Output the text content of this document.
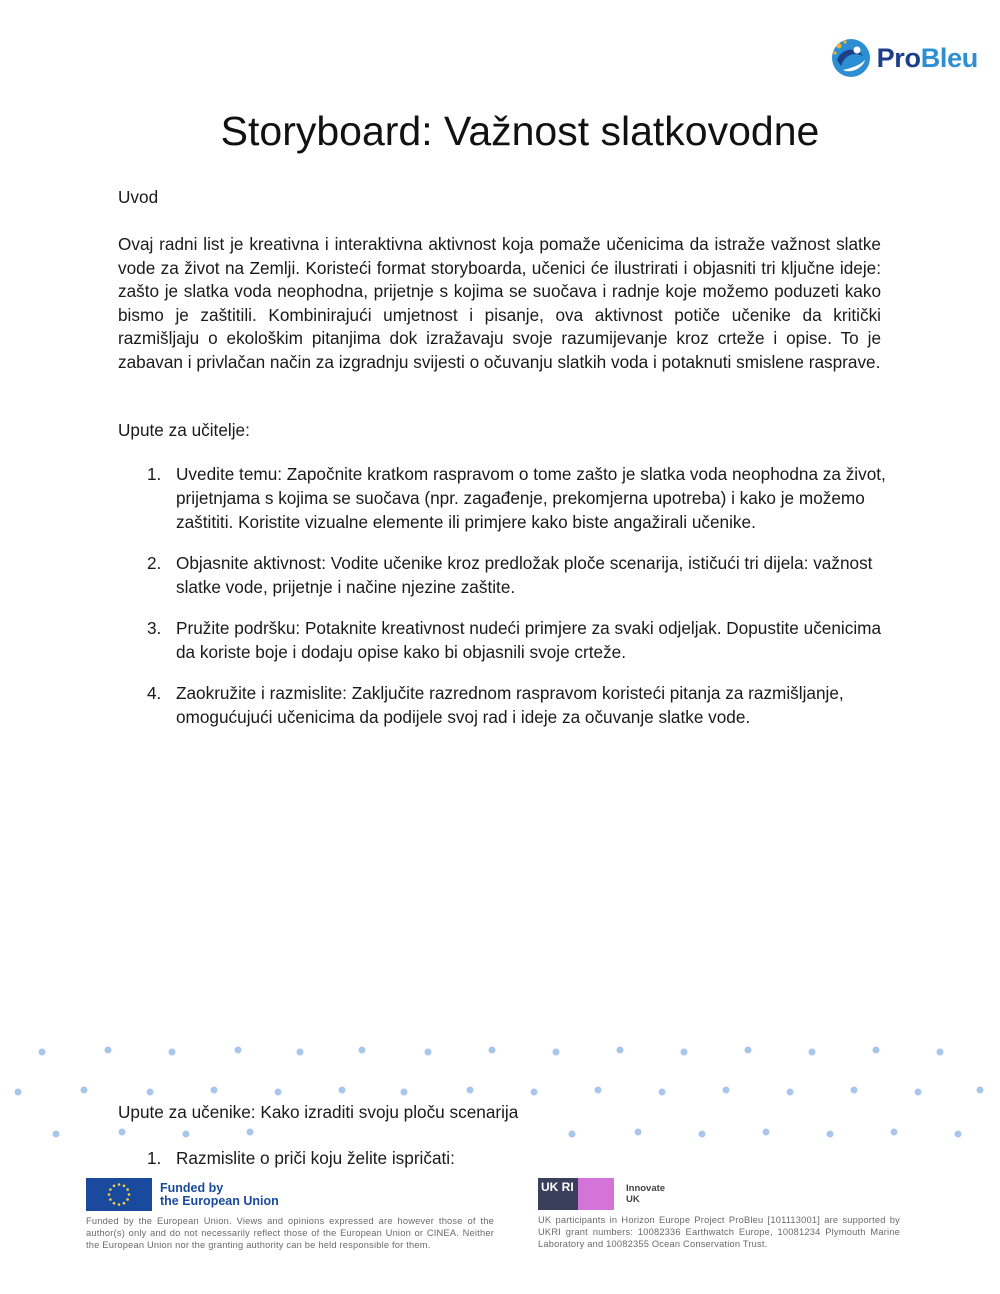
ProBleu
Storyboard: Važnost slatkovodne

Uvod

Ovaj radni list je kreativna i interaktivna aktivnost koja pomaže učenicima da istraže važnost slatke vode za život na Zemlji. Koristeći format storyboarda, učenici će ilustrirati i objasniti tri ključne ideje: zašto je slatka voda neophodna, prijetnje s kojima se suočava i radnje koje možemo poduzeti kako bismo je zaštitili. Kombinirajući umjetnost i pisanje, ova aktivnost potiče učenike da kritički razmišljaju o ekološkim pitanjima dok izražavaju svoje razumijevanje kroz crteže i opise. To je zabavan i privlačan način za izgradnju svijesti o očuvanju slatkih voda i potaknuti smislene rasprave.

Upute za učitelje:

1. Uvedite temu: Započnite kratkom raspravom o tome zašto je slatka voda neophodna za život, prijetnjama s kojima se suočava (npr. zagađenje, prekomjerna upotreba) i kako je možemo zaštititi. Koristite vizualne elemente ili primjere kako biste angažirali učenike.
2. Objasnite aktivnost: Vodite učenike kroz predložak ploče scenarija, ističući tri dijela: važnost slatke vode, prijetnje i načine njezine zaštite.
3. Pružite podršku: Potaknite kreativnost nudeći primjere za svaki odjeljak. Dopustite učenicima da koriste boje i dodaju opise kako bi objasnili svoje crteže.
4. Zaokružite i razmislite: Zaključite razrednom raspravom koristeći pitanja za razmišljanje, omogućujući učenicima da podijele svoj rad i ideje za očuvanje slatke vode.

Upute za učenike: Kako izraditi svoju ploču scenarija

1. Razmislite o priči koju želite ispričati:
Funded by
the European Union
Funded by the European Union. Views and opinions expressed are however those of the author(s) only and do not necessarily reflect those of the European Union or CINEA. Neither the European Union nor the granting authority can be held responsible for them.
UK RI	Innovate
UK
UK participants in Horizon Europe Project ProBleu [101113001] are supported by UKRI grant numbers: 10082336 Earthwatch Europe, 10081234 Plymouth Marine Laboratory and 10082355 Ocean Conservation Trust.
